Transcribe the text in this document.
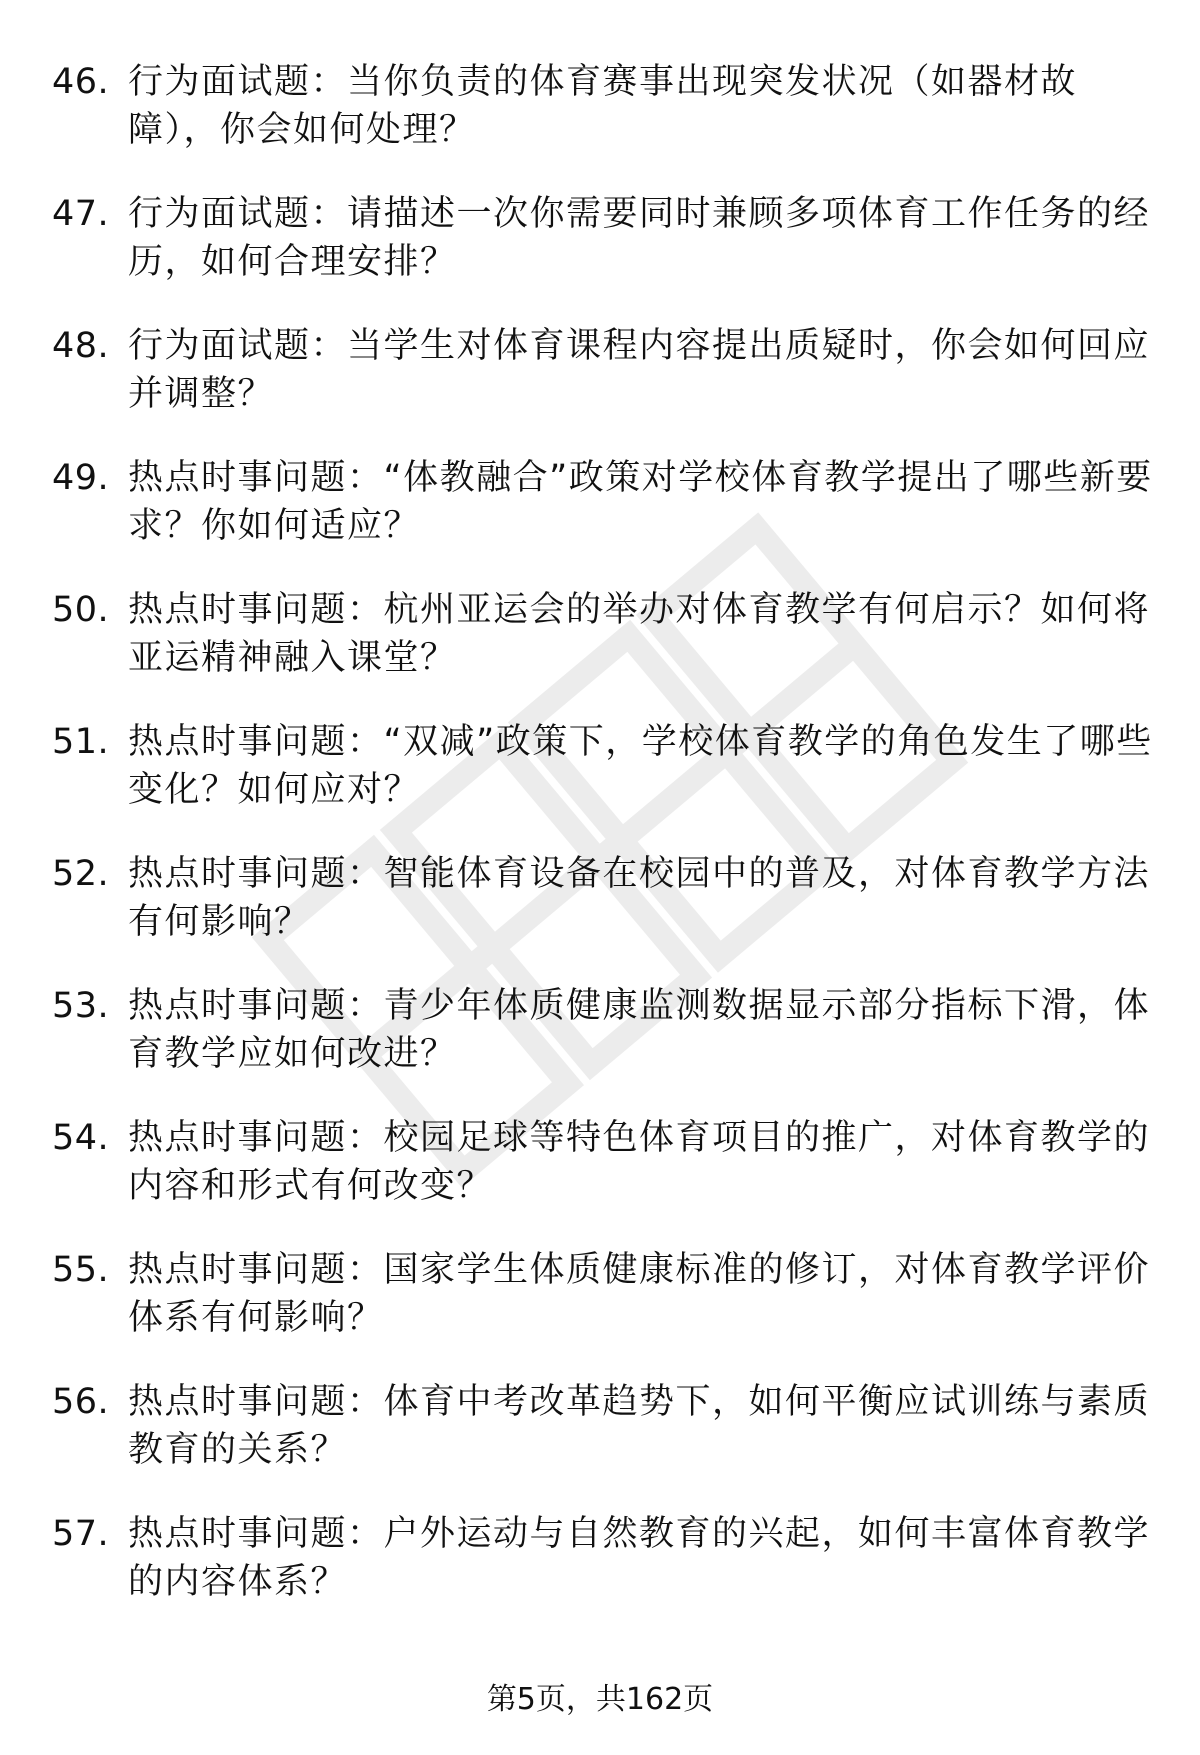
46. 行为面试题：当你负责的体育赛事出现突发状况（如器材故障），你会如何处理？
47. 行为面试题：请描述一次你需要同时兼顾多项体育工作任务的经历，如何合理安排？
48. 行为面试题：当学生对体育课程内容提出质疑时，你会如何回应并调整？
49. 热点时事问题：“体教融合”政策对学校体育教学提出了哪些新要求？你如何适应？
50. 热点时事问题：杭州亚运会的举办对体育教学有何启示？如何将亚运精神融入课堂？
51. 热点时事问题：“双减”政策下，学校体育教学的角色发生了哪些变化？如何应对？
52. 热点时事问题：智能体育设备在校园中的普及，对体育教学方法有何影响？
53. 热点时事问题：青少年体质健康监测数据显示部分指标下滑，体育教学应如何改进？
54. 热点时事问题：校园足球等特色体育项目的推广，对体育教学的内容和形式有何改变？
55. 热点时事问题：国家学生体质健康标准的修订，对体育教学评价体系有何影响？
56. 热点时事问题：体育中考改革趋势下，如何平衡应试训练与素质教育的关系？
57. 热点时事问题：户外运动与自然教育的兴起，如何丰富体育教学的内容体系？
第5页，共162页
